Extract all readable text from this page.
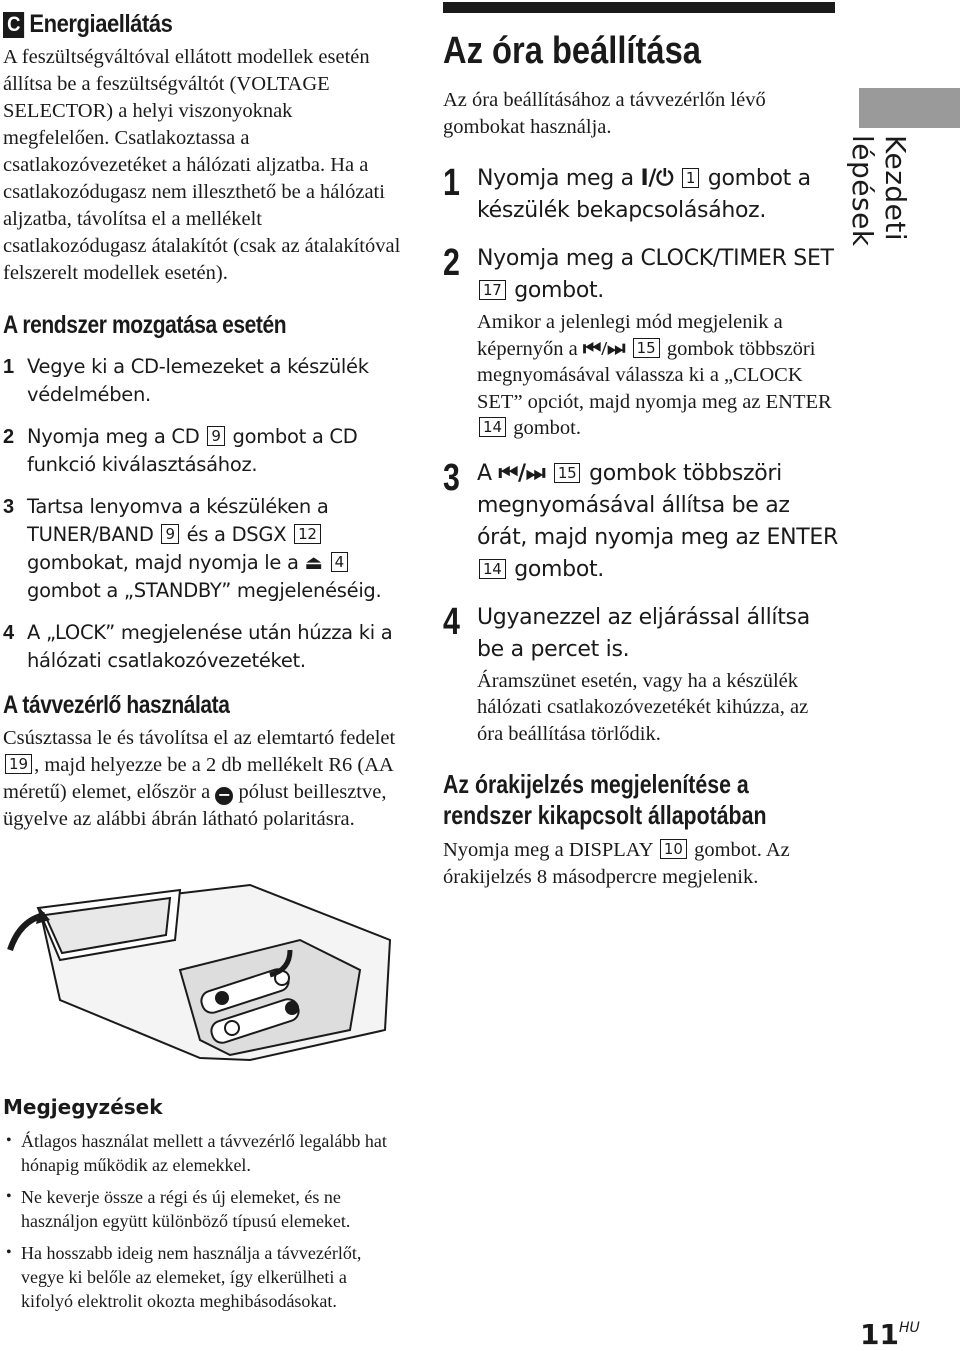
C Energiaellátás

A feszültségváltóval ellátott modellek esetén állítsa be a feszültségváltót (VOLTAGE SELECTOR) a helyi viszonyoknak megfelelően. Csatlakoztassa a csatlakozóvezetéket a hálózati aljzatba. Ha a csatlakozódugasz nem illeszthető be a hálózati aljzatba, távolítsa el a mellékelt csatlakozódugasz átalakítót (csak az átalakítóval felszerelt modellek esetén).

A rendszer mozgatása esetén
1 Vegye ki a CD-lemezeket a készülék védelmében.
2 Nyomja meg a CD 9 gombot a CD funkció kiválasztásához.
3 Tartsa lenyomva a készüléken a TUNER/BAND 9 és a DSGX 12 gombokat, majd nyomja le a ⏏ 4 gombot a „STANDBY” megjelenéséig.
4 A „LOCK” megjelenése után húzza ki a hálózati csatlakozóvezetéket.
A távvezérlő használata

Csúsztassa le és távolítsa el az elemtartó fedelet 19 , majd helyezze be a 2 db mellékelt R6 (AA méretű) elemet, először a − pólust beillesztve, ügyelve az alábbi ábrán látható polaritásra.

Megjegyzések
• Átlagos használat mellett a távvezérlő legalább hat hónapig működik az elemekkel.
• Ne keverje össze a régi és új elemeket, és ne használjon együtt különböző típusú elemeket.
• Ha hosszabb ideig nem használja a távvezérlőt, vegye ki belőle az elemeket, így elkerülheti a kifolyó elektrolit okozta meghibásodásokat.
Az óra beállítása

Az óra beállításához a távvezérlőn lévő gombokat használja.

1 Nyomja meg a I/⏻ 1 gombot a készülék bekapcsolásához.
2 Nyomja meg a CLOCK/TIMER SET 17 gombot.
Amikor a jelenlegi mód megjelenik a képernyőn a ⏮/⏭ 15 gombok többszöri megnyomásával válassza ki a „CLOCK SET” opciót, majd nyomja meg az ENTER 14 gombot.
3 A ⏮/⏭ 15 gombok többszöri megnyomásával állítsa be az órát, majd nyomja meg az ENTER 14 gombot.
4 Ugyanezzel az eljárással állítsa be a percet is.
Áramszünet esetén, vagy ha a készülék hálózati csatlakozóvezetékét kihúzza, az óra beállítása törlődik.
Az órakijelzés megjelenítése a
rendszer kikapcsolt állapotában

Nyomja meg a DISPLAY 10 gombot. Az órakijelzés 8 másodpercre megjelenik.

Kezdeti lépések
$11^{HU}$
